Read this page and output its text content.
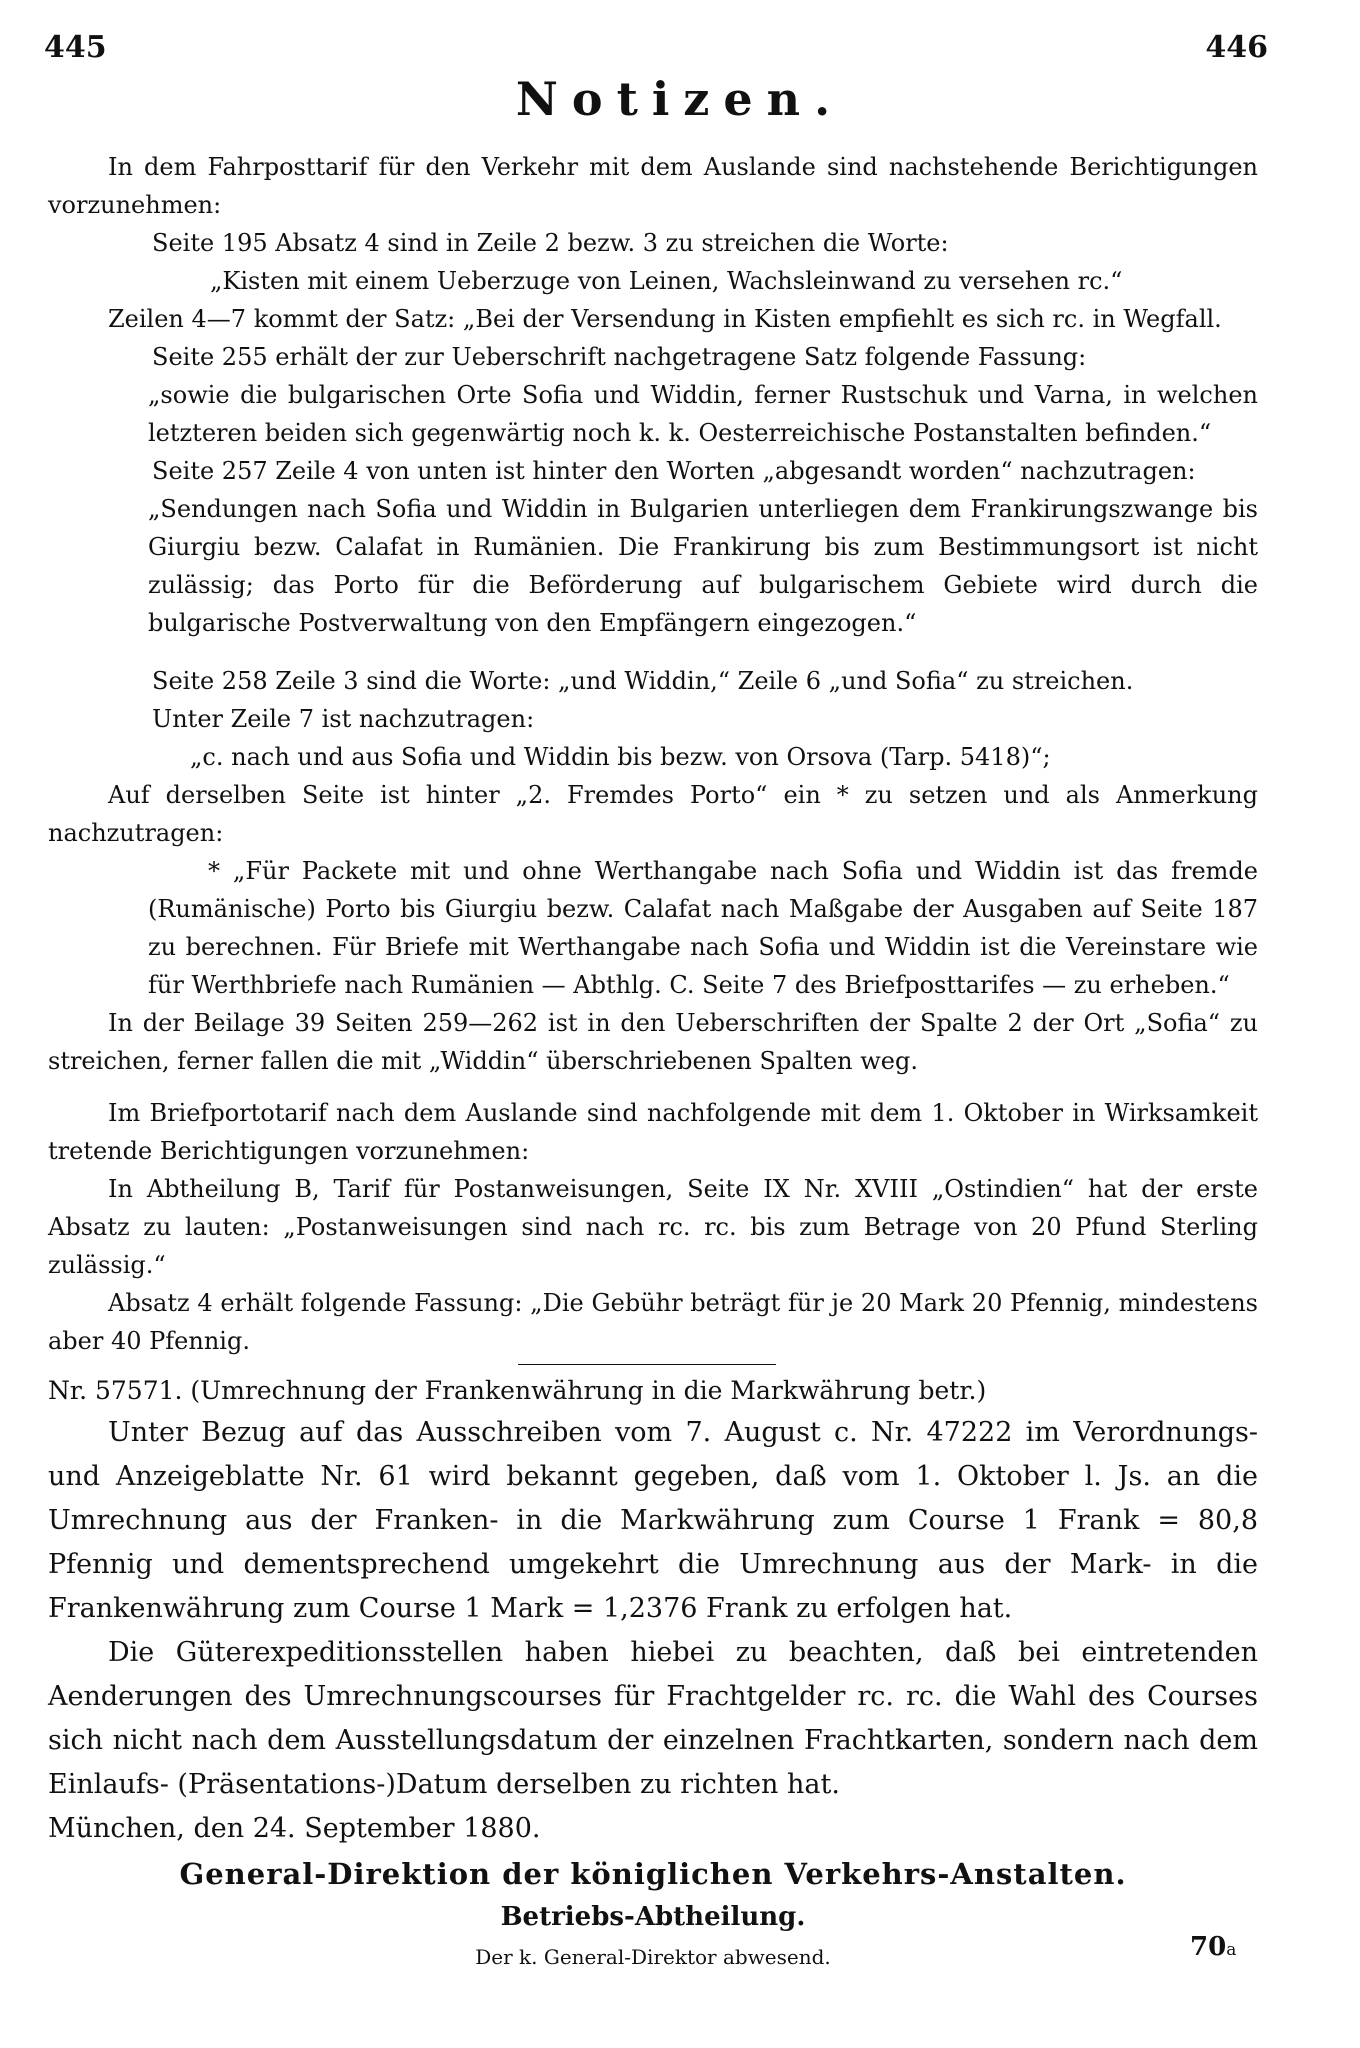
445	446
Notizen.

In dem Fahrposttarif für den Verkehr mit dem Auslande sind nachstehende Berichtigungen vorzunehmen:

Seite 195 Absatz 4 sind in Zeile 2 bezw. 3 zu streichen die Worte:

„Kisten mit einem Ueberzuge von Leinen, Wachsleinwand zu versehen rc.“

Zeilen 4—7 kommt der Satz: „Bei der Versendung in Kisten empfiehlt es sich rc. in Wegfall.

Seite 255 erhält der zur Ueberschrift nachgetragene Satz folgende Fassung:

„sowie die bulgarischen Orte Sofia und Widdin, ferner Rustschuk und Varna, in welchen letzteren beiden sich gegenwärtig noch k. k. Oesterreichische Postanstalten befinden.“

Seite 257 Zeile 4 von unten ist hinter den Worten „abgesandt worden“ nachzutragen:

„Sendungen nach Sofia und Widdin in Bulgarien unterliegen dem Frankirungszwange bis Giurgiu bezw. Calafat in Rumänien. Die Frankirung bis zum Bestimmungsort ist nicht zulässig; das Porto für die Beförderung auf bulgarischem Gebiete wird durch die bulgarische Postverwaltung von den Empfängern eingezogen.“

Seite 258 Zeile 3 sind die Worte: „und Widdin,“ Zeile 6 „und Sofia“ zu streichen.

Unter Zeile 7 ist nachzutragen:

„c. nach und aus Sofia und Widdin bis bezw. von Orsova (Tarp. 5418)“;

Auf derselben Seite ist hinter „2. Fremdes Porto“ ein * zu setzen und als Anmerkung nachzutragen:

* „Für Packete mit und ohne Werthangabe nach Sofia und Widdin ist das fremde (Rumänische) Porto bis Giurgiu bezw. Calafat nach Maßgabe der Ausgaben auf Seite 187 zu berechnen. Für Briefe mit Werthangabe nach Sofia und Widdin ist die Vereinstare wie für Werthbriefe nach Rumänien — Abthlg. C. Seite 7 des Briefposttarifes — zu erheben.“

In der Beilage 39 Seiten 259—262 ist in den Ueberschriften der Spalte 2 der Ort „Sofia“ zu streichen, ferner fallen die mit „Widdin“ überschriebenen Spalten weg.

Im Briefportotarif nach dem Auslande sind nachfolgende mit dem 1. Oktober in Wirksamkeit tretende Berichtigungen vorzunehmen:

In Abtheilung B, Tarif für Postanweisungen, Seite IX Nr. XVIII „Ostindien“ hat der erste Absatz zu lauten: „Postanweisungen sind nach rc. rc. bis zum Betrage von 20 Pfund Sterling zulässig.“

Absatz 4 erhält folgende Fassung: „Die Gebühr beträgt für je 20 Mark 20 Pfennig, mindestens aber 40 Pfennig.

Nr. 57571. (Umrechnung der Frankenwährung in die Markwährung betr.)

Unter Bezug auf das Ausschreiben vom 7. August c. Nr. 47222 im Verordnungs- und Anzeigeblatte Nr. 61 wird bekannt gegeben, daß vom 1. Oktober l. Js. an die Umrechnung aus der Franken- in die Markwährung zum Course 1 Frank = 80,8 Pfennig und dementsprechend umgekehrt die Umrechnung aus der Mark- in die Frankenwährung zum Course 1 Mark = 1,2376 Frank zu erfolgen hat.

Die Güterexpeditionsstellen haben hiebei zu beachten, daß bei eintretenden Aenderungen des Umrechnungscourses für Frachtgelder rc. rc. die Wahl des Courses sich nicht nach dem Ausstellungsdatum der einzelnen Frachtkarten, sondern nach dem Einlaufs- (Präsentations-)Datum derselben zu richten hat.

München, den 24. September 1880.

General-Direktion der königlichen Verkehrs-Anstalten.

Betriebs-Abtheilung.

Der k. General-Direktor abwesend.	70a
